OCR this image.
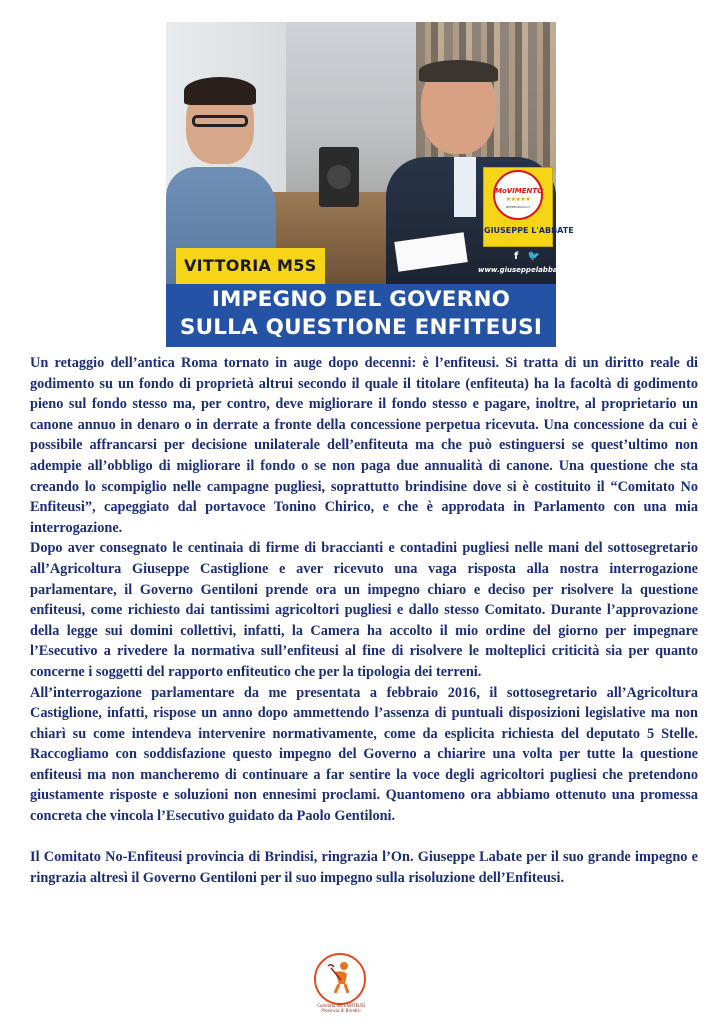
MoVIMENTO
★★★★★
BEPPEGRILLO.IT
GIUSEPPE L'ABBATE
f 🐦
www.giuseppelabbate.it
VITTORIA M5S
IMPEGNO DEL GOVERNO
SULLA QUESTIONE ENFITEUSI

Un retaggio dell’antica Roma tornato in auge dopo decenni: è l’enfiteusi. Si tratta di un diritto reale di godimento su un fondo di proprietà altrui secondo il quale il titolare (enfiteuta) ha la facoltà di godimento pieno sul fondo stesso ma, per contro, deve migliorare il fondo stesso e pagare, inoltre, al proprietario un canone annuo in denaro o in derrate a fronte della concessione perpetua ricevuta. Una concessione da cui è possibile affrancarsi per decisione unilaterale dell’enfiteuta ma che può estinguersi se quest’ultimo non adempie all’obbligo di migliorare il fondo o se non paga due annualità di canone. Una questione che sta creando lo scompiglio nelle campagne pugliesi, soprattutto brindisine dove si è costituito il “Comitato No Enfiteusi”, capeggiato dal portavoce Tonino Chirico, e che è approdata in Parlamento con una mia interrogazione.

Dopo aver consegnato le centinaia di firme di braccianti e contadini pugliesi nelle mani del sottosegretario all’Agricoltura Giuseppe Castiglione e aver ricevuto una vaga risposta alla nostra interrogazione parlamentare, il Governo Gentiloni prende ora un impegno chiaro e deciso per risolvere la questione enfiteusi, come richiesto dai tantissimi agricoltori pugliesi e dallo stesso Comitato. Durante l’approvazione della legge sui domini collettivi, infatti, la Camera ha accolto il mio ordine del giorno per impegnare l’Esecutivo a rivedere la normativa sull’enfiteusi al fine di risolvere le molteplici criticità sia per quanto concerne i soggetti del rapporto enfiteutico che per la tipologia dei terreni.

All’interrogazione parlamentare da me presentata a febbraio 2016, il sottosegretario all’Agricoltura Castiglione, infatti, rispose un anno dopo ammettendo l’assenza di puntuali disposizioni legislative ma non chiarì su come intendeva intervenire normativamente, come da esplicita richiesta del deputato 5 Stelle. Raccogliamo con soddisfazione questo impegno del Governo a chiarire una volta per tutte la questione enfiteusi ma non mancheremo di continuare a far sentire la voce degli agricoltori pugliesi che pretendono giustamente risposte e soluzioni non ennesimi proclami. Quantomeno ora abbiamo ottenuto una promessa concreta che vincola l’Esecutivo guidato da Paolo Gentiloni.

Il Comitato No-Enfiteusi provincia di Brindisi, ringrazia l’On. Giuseppe Labate per il suo grande impegno e ringrazia altresì il Governo Gentiloni per il suo impegno sulla risoluzione dell’Enfiteusi.

Comitato NO ENFITEUSI
Provincia di Brindisi
